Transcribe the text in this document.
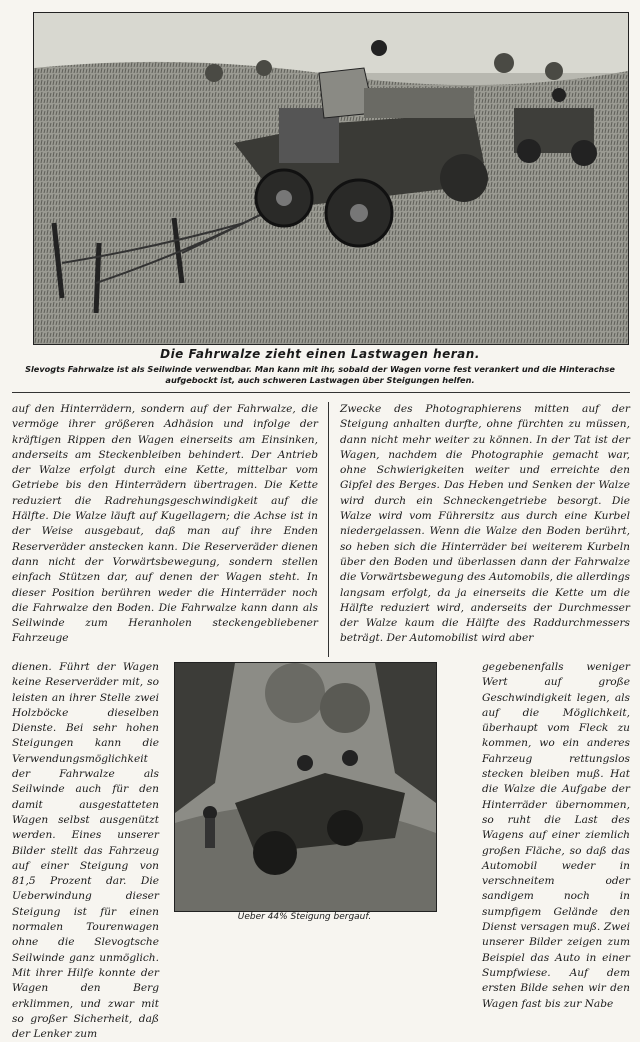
Die Fahrwalze zieht einen Lastwagen heran.
Slevogts Fahrwalze ist als Seilwinde verwendbar. Man kann mit ihr, sobald der Wagen vorne fest verankert und die Hinterachse aufgebockt ist, auch schweren Lastwagen über Steigungen helfen.
auf den Hinterrädern, sondern auf der Fahrwalze, die vermöge ihrer größeren Adhäsion und infolge der kräftigen Rippen den Wagen einerseits am Einsinken, anderseits am Steckenbleiben behindert. Der Antrieb der Walze erfolgt durch eine Kette, mittelbar vom Getriebe bis den Hinterrädern übertragen. Die Kette reduziert die Radrehungsgeschwindigkeit auf die Hälfte. Die Walze läuft auf Kugellagern; die Achse ist in der Weise ausgebaut, daß man auf ihre Enden Reserveräder anstecken kann. Die Reserveräder dienen dann nicht der Vorwärtsbewegung, sondern stellen einfach Stützen dar, auf denen der Wagen steht. In dieser Position berühren weder die Hinterräder noch die Fahrwalze den Boden. Die Fahrwalze kann dann als Seilwinde zum Heranholen steckengebliebener Fahrzeuge
Zwecke des Photographierens mitten auf der Steigung anhalten durfte, ohne fürchten zu müssen, dann nicht mehr weiter zu können. In der Tat ist der Wagen, nachdem die Photographie gemacht war, ohne Schwierigkeiten weiter und erreichte den Gipfel des Berges. Das Heben und Senken der Walze wird durch ein Schneckengetriebe besorgt. Die Walze wird vom Führersitz aus durch eine Kurbel niedergelassen. Wenn die Walze den Boden berührt, so heben sich die Hinterräder bei weiterem Kurbeln über den Boden und überlassen dann der Fahrwalze die Vorwärtsbewegung des Automobils, die allerdings langsam erfolgt, da ja einerseits die Kette um die Hälfte reduziert wird, anderseits der Durchmesser der Walze kaum die Hälfte des Raddurchmessers beträgt. Der Automobilist wird aber
dienen. Führt der Wagen keine Reserveräder mit, so leisten an ihrer Stelle zwei Holzböcke dieselben Dienste. Bei sehr hohen Steigungen kann die Verwendungsmöglichkeit der Fahrwalze als Seilwinde auch für den damit ausgestatteten Wagen selbst ausgenützt werden. Eines unserer Bilder stellt das Fahrzeug auf einer Steigung von 81,5 Prozent dar. Die Ueberwindung dieser Steigung ist für einen normalen Tourenwagen ohne die Slevogtsche Seilwinde ganz unmöglich. Mit ihrer Hilfe konnte der Wagen den Berg erklimmen, und zwar mit so großer Sicherheit, daß der Lenker zum
gegebenenfalls weniger Wert auf große Geschwindigkeit legen, als auf die Möglichkeit, überhaupt vom Fleck zu kommen, wo ein anderes Fahrzeug rettungslos stecken bleiben muß. Hat die Walze die Aufgabe der Hinterräder übernommen, so ruht die Last des Wagens auf einer ziemlich großen Fläche, so daß das Automobil weder in verschneitem oder sandigem noch in sumpfigem Gelände den Dienst versagen muß. Zwei unserer Bilder zeigen zum Beispiel das Auto in einer Sumpfwiese. Auf dem ersten Bilde sehen wir den Wagen fast bis zur Nabe
Ueber 44% Steigung bergauf.
